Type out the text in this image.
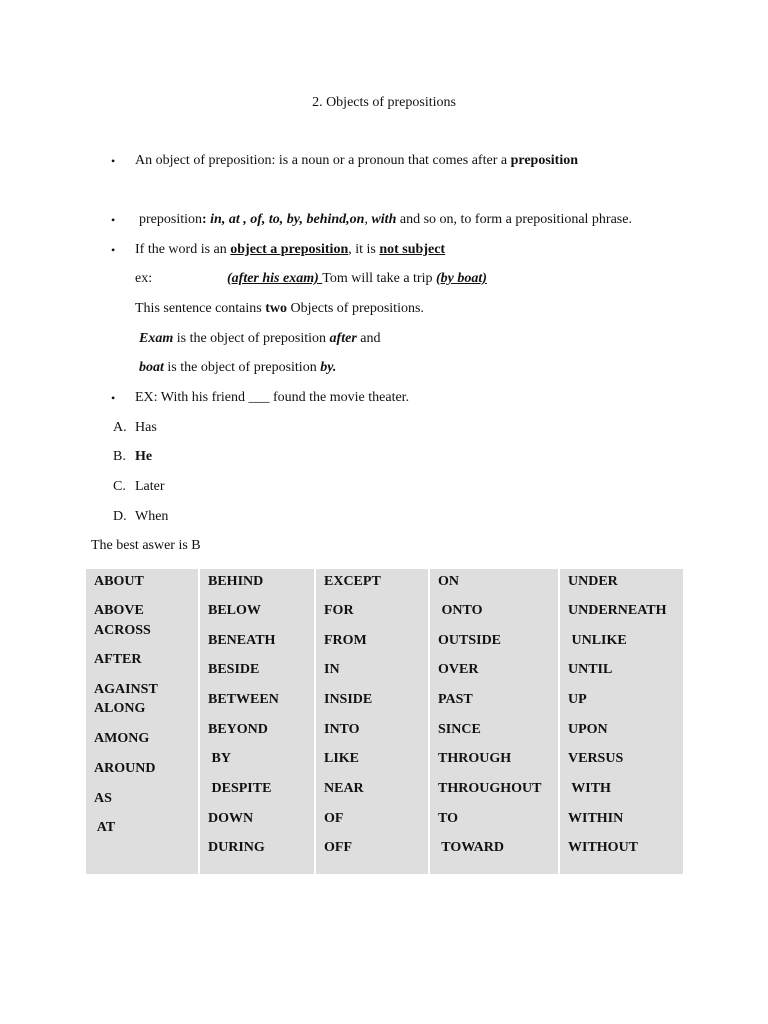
2. Objects of prepositions
• An object of preposition: is a noun or a pronoun that comes after a preposition
• preposition: in, at , of, to, by, behind,on, with and so on, to form a prepositional phrase.
• If the word is an object a preposition, it is not subject
ex:	(after his exam) Tom will take a trip (by boat)
This sentence contains two Objects of prepositions.
Exam is the object of preposition after and
boat is the object of preposition by.
• EX: With his friend ___ found the movie theater.
A. Has
B. He
C. Later
D. When
The best aswer is B
ABOUT
ABOVE
ACROSS
AFTER
AGAINST
ALONG
AMONG
AROUND
AS
AT
BEHIND
BELOW
BENEATH
BESIDE
BETWEEN
BEYOND
BY
DESPITE
DOWN
DURING
EXCEPT
FOR
FROM
IN
INSIDE
INTO
LIKE
NEAR
OF
OFF
ON
ONTO
OUTSIDE
OVER
PAST
SINCE
THROUGH
THROUGHOUT
TO
TOWARD
UNDER
UNDERNEATH
UNLIKE
UNTIL
UP
UPON
VERSUS
WITH
WITHIN
WITHOUT
